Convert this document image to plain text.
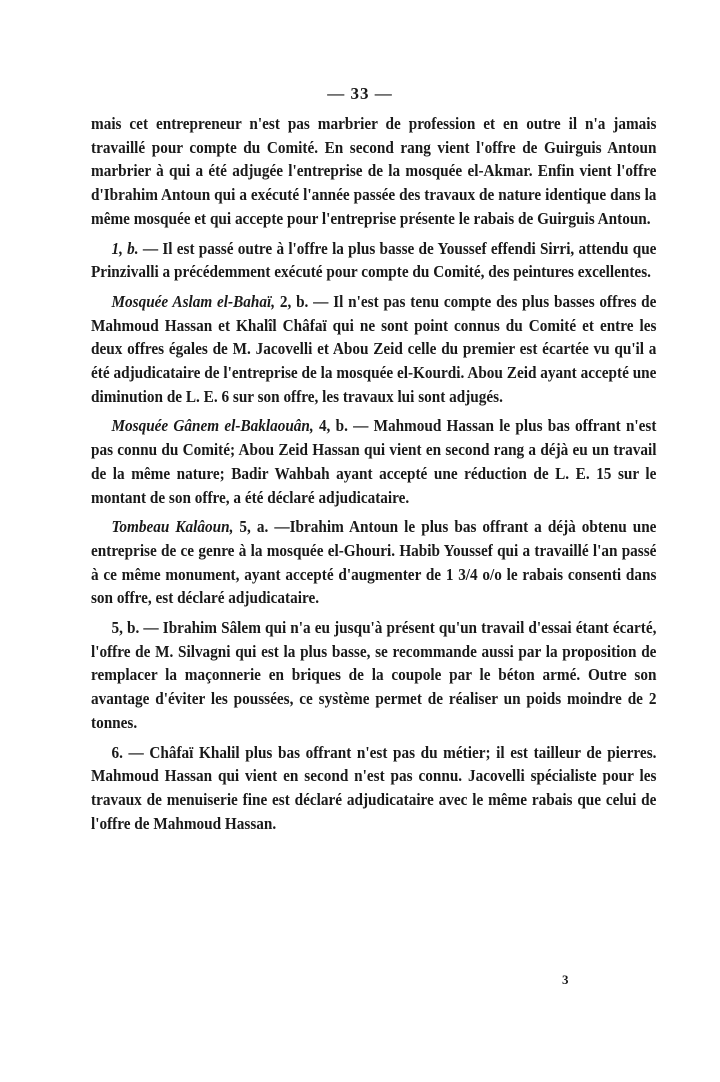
— 33 —

mais cet entrepreneur n'est pas marbrier de profession et en outre il n'a jamais travaillé pour compte du Comité. En second rang vient l'offre de Guirguis Antoun marbrier à qui a été adjugée l'entreprise de la mosquée el-Akmar. Enfin vient l'offre d'Ibrahim Antoun qui a exécuté l'année passée des travaux de nature identique dans la même mosquée et qui accepte pour l'entreprise présente le rabais de Guirguis Antoun.

1, b. — Il est passé outre à l'offre la plus basse de Youssef effendi Sirri, attendu que Prinzivalli a précédemment exécuté pour compte du Comité, des peintures excellentes.

Mosquée Aslam el-Bahaï, 2, b. — Il n'est pas tenu compte des plus basses offres de Mahmoud Hassan et Khalîl Châfaï qui ne sont point connus du Comité et entre les deux offres égales de M. Jacovelli et Abou Zeid celle du premier est écartée vu qu'il a été adjudicataire de l'entreprise de la mosquée el-Kourdi. Abou Zeid ayant accepté une diminution de L. E. 6 sur son offre, les travaux lui sont adjugés.

Mosquée Gânem el-Baklaouân, 4, b. — Mahmoud Hassan le plus bas offrant n'est pas connu du Comité; Abou Zeid Hassan qui vient en second rang a déjà eu un travail de la même nature; Badir Wahbah ayant accepté une réduction de L. E. 15 sur le montant de son offre, a été déclaré adjudicataire.

Tombeau Kalâoun, 5, a. —Ibrahim Antoun le plus bas offrant a déjà obtenu une entreprise de ce genre à la mosquée el-Ghouri. Habib Youssef qui a travaillé l'an passé à ce même monument, ayant accepté d'augmenter de 1 3/4 o/o le rabais consenti dans son offre, est déclaré adjudicataire.

5, b. — Ibrahim Sâlem qui n'a eu jusqu'à présent qu'un travail d'essai étant écarté, l'offre de M. Silvagni qui est la plus basse, se recommande aussi par la proposition de remplacer la maçonnerie en briques de la coupole par le béton armé. Outre son avantage d'éviter les poussées, ce système permet de réaliser un poids moindre de 2 tonnes.

6. — Châfaï Khalil plus bas offrant n'est pas du métier; il est tailleur de pierres. Mahmoud Hassan qui vient en second n'est pas connu. Jacovelli spécialiste pour les travaux de menuiserie fine est déclaré adjudicataire avec le même rabais que celui de l'offre de Mahmoud Hassan.

3
